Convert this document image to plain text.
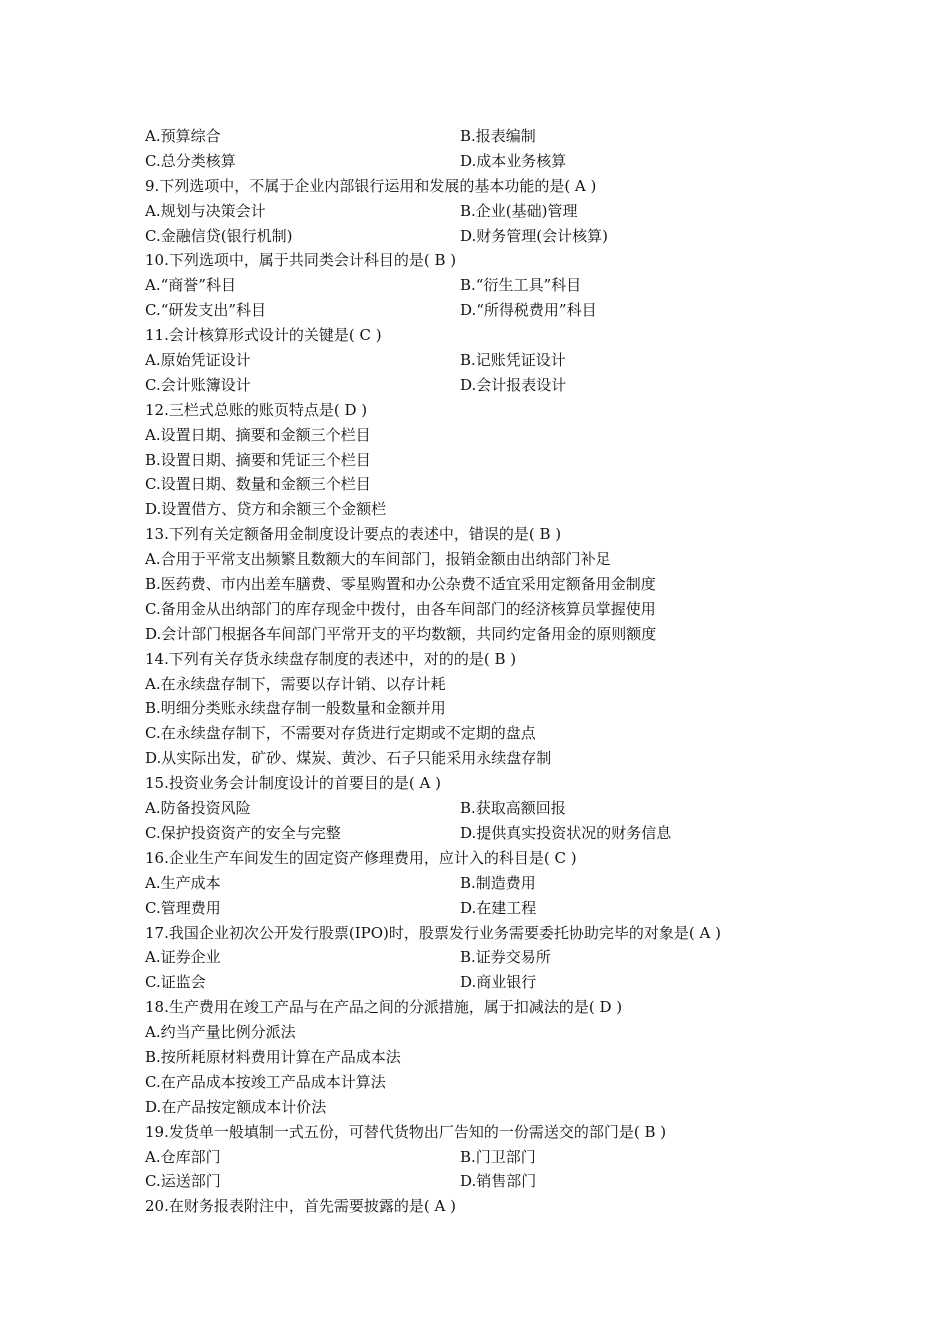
A.预算综合	B.报表编制
C.总分类核算	D.成本业务核算
9.下列选项中，不属于企业内部银行运用和发展的基本功能的是( A )
A.规划与决策会计	B.企业(基础)管理
C.金融信贷(银行机制)	D.财务管理(会计核算)
10.下列选项中，属于共同类会计科目的是( B )
A.“商誉”科目	B.“衍生工具”科目
C.“研发支出”科目	D.“所得税费用”科目
11.会计核算形式设计的关键是( C )
A.原始凭证设计	B.记账凭证设计
C.会计账簿设计	D.会计报表设计
12.三栏式总账的账页特点是( D )
A.设置日期、摘要和金额三个栏目
B.设置日期、摘要和凭证三个栏目
C.设置日期、数量和金额三个栏目
D.设置借方、贷方和余额三个金额栏
13.下列有关定额备用金制度设计要点的表述中，错误的是( B )
A.合用于平常支出频繁且数额大的车间部门，报销金额由出纳部门补足
B.医药费、市内出差车膳费、零星购置和办公杂费不适宜采用定额备用金制度
C.备用金从出纳部门的库存现金中拨付，由各车间部门的经济核算员掌握使用
D.会计部门根据各车间部门平常开支的平均数额，共同约定备用金的原则额度
14.下列有关存货永续盘存制度的表述中，对的的是( B )
A.在永续盘存制下，需要以存计销、以存计耗
B.明细分类账永续盘存制一般数量和金额并用
C.在永续盘存制下，不需要对存货进行定期或不定期的盘点
D.从实际出发，矿砂、煤炭、黄沙、石子只能采用永续盘存制
15.投资业务会计制度设计的首要目的是( A )
A.防备投资风险	B.获取高额回报
C.保护投资资产的安全与完整	D.提供真实投资状况的财务信息
16.企业生产车间发生的固定资产修理费用，应计入的科目是( C )
A.生产成本	B.制造费用
C.管理费用	D.在建工程
17.我国企业初次公开发行股票(IPO)时，股票发行业务需要委托协助完毕的对象是( A )
A.证券企业	B.证券交易所
C.证监会	D.商业银行
18.生产费用在竣工产品与在产品之间的分派措施，属于扣减法的是( D )
A.约当产量比例分派法
B.按所耗原材料费用计算在产品成本法
C.在产品成本按竣工产品成本计算法
D.在产品按定额成本计价法
19.发货单一般填制一式五份，可替代货物出厂告知的一份需送交的部门是( B )
A.仓库部门	B.门卫部门
C.运送部门	D.销售部门
20.在财务报表附注中，首先需要披露的是( A )
